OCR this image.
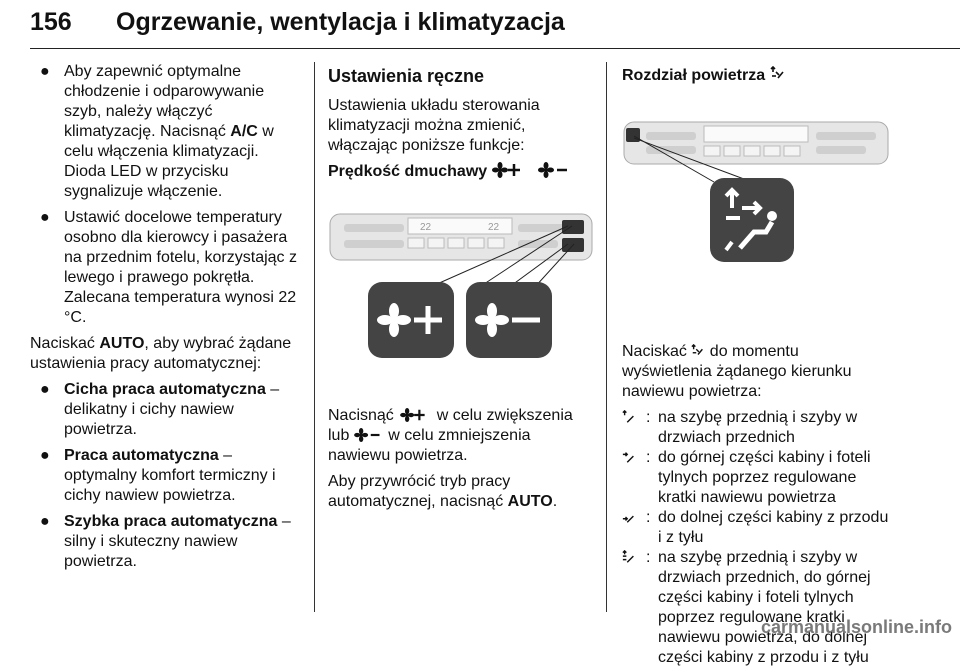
156 Ogrzewanie, wentylacja i klimatyzacja
● Aby zapewnić optymalne chłodzenie i odparowywanie szyb, należy włączyć klimatyzację. Nacisnąć A/C w celu włączenia klimatyzacji. Dioda LED w przycisku sygnalizuje włączenie.
● Ustawić docelowe temperatury osobno dla kierowcy i pasażera na przednim fotelu, korzystając z lewego i prawego pokrętła. Zalecana temperatura wynosi 22 °C.
Naciskać AUTO, aby wybrać żądane ustawienia pracy automatycznej:
● Cicha praca automatyczna – delikatny i cichy nawiew powietrza.
● Praca automatyczna – optymalny komfort termiczny i cichy nawiew powietrza.
● Szybka praca automatyczna – silny i skuteczny nawiew powietrza.
Ustawienia ręczne
Ustawienia układu sterowania klimatyzacji można zmienić, włączając poniższe funkcje:
Prędkość dmuchawy
22	22
Nacisnąć  w celu zwiększenia lub  w celu zmniejszenia nawiewu powietrza.
Aby przywrócić tryb pracy automatycznej, nacisnąć AUTO.
Rozdział powietrza
Naciskać  do momentu wyświetlenia żądanego kierunku nawiewu powietrza:
: na szybę przednią i szyby w drzwiach przednich
: do górnej części kabiny i foteli tylnych poprzez regulowane kratki nawiewu powietrza
: do dolnej części kabiny z przodu i z tyłu
: na szybę przednią i szyby w drzwiach przednich, do górnej części kabiny i foteli tylnych poprzez regulowane kratki nawiewu powietrza, do dolnej części kabiny z przodu i z tyłu
carmanualsonline.info
